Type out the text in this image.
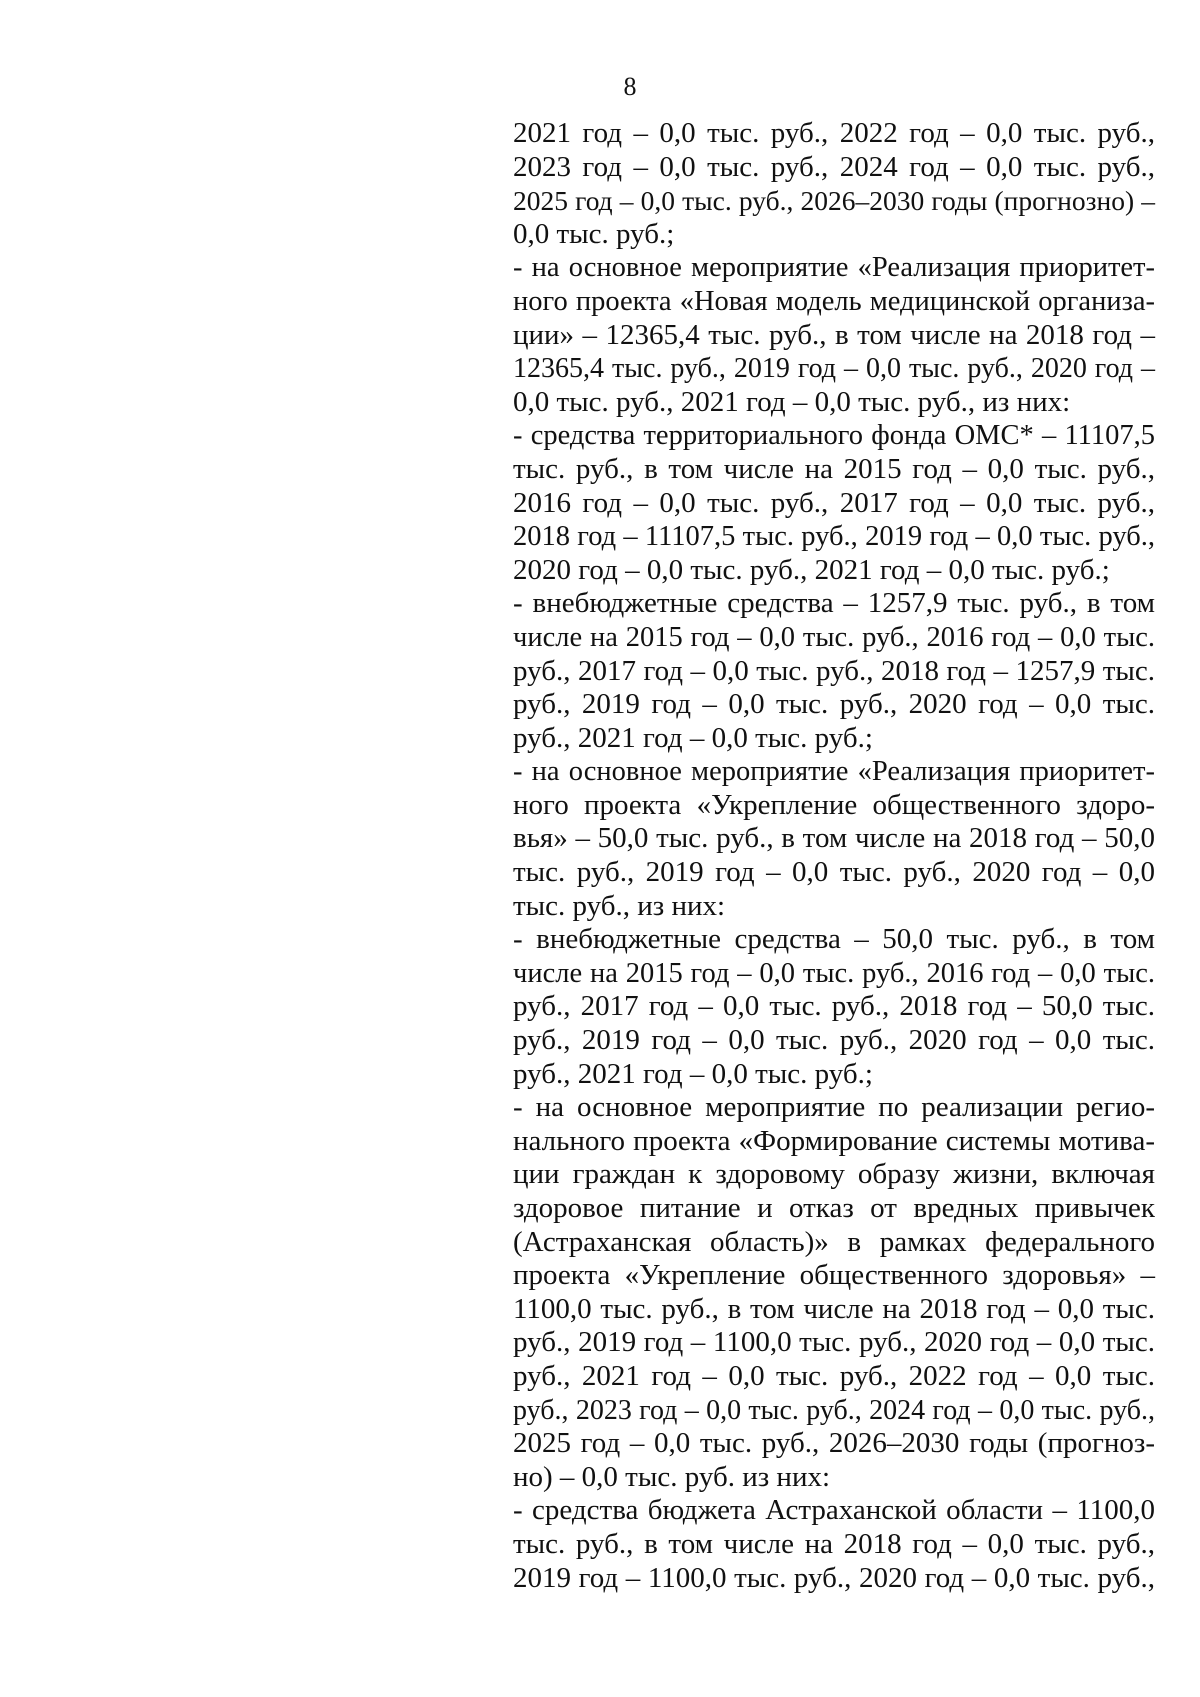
8
2021 год – 0,0 тыс. руб., 2022 год – 0,0 тыс. руб.,
2023 год – 0,0 тыс. руб., 2024 год – 0,0 тыс. руб.,
2025 год – 0,0 тыс. руб., 2026–2030 годы (прогнозно) –
0,0 тыс. руб.;
- на основное мероприятие «Реализация приоритет-
ного проекта «Новая модель медицинской организа-
ции» – 12365,4 тыс. руб., в том числе на 2018 год –
12365,4 тыс. руб., 2019 год – 0,0 тыс. руб., 2020 год –
0,0 тыс. руб., 2021 год – 0,0 тыс. руб., из них:
- средства территориального фонда ОМС* – 11107,5
тыс. руб., в том числе на 2015 год – 0,0 тыс. руб.,
2016 год – 0,0 тыс. руб., 2017 год – 0,0 тыс. руб.,
2018 год – 11107,5 тыс. руб., 2019 год – 0,0 тыс. руб.,
2020 год – 0,0 тыс. руб., 2021 год – 0,0 тыс. руб.;
- внебюджетные средства – 1257,9 тыс. руб., в том
числе на 2015 год – 0,0 тыс. руб., 2016 год – 0,0 тыс.
руб., 2017 год – 0,0 тыс. руб., 2018 год – 1257,9 тыс.
руб., 2019 год – 0,0 тыс. руб., 2020 год – 0,0 тыс.
руб., 2021 год – 0,0 тыс. руб.;
- на основное мероприятие «Реализация приоритет-
ного проекта «Укрепление общественного здоро-
вья» – 50,0 тыс. руб., в том числе на 2018 год – 50,0
тыс. руб., 2019 год – 0,0 тыс. руб., 2020 год – 0,0
тыс. руб., из них:
- внебюджетные средства – 50,0 тыс. руб., в том
числе на 2015 год – 0,0 тыс. руб., 2016 год – 0,0 тыс.
руб., 2017 год – 0,0 тыс. руб., 2018 год – 50,0 тыс.
руб., 2019 год – 0,0 тыс. руб., 2020 год – 0,0 тыс.
руб., 2021 год – 0,0 тыс. руб.;
- на основное мероприятие по реализации регио-
нального проекта «Формирование системы мотива-
ции граждан к здоровому образу жизни, включая
здоровое питание и отказ от вредных привычек
(Астраханская область)» в рамках федерального
проекта «Укрепление общественного здоровья» –
1100,0 тыс. руб., в том числе на 2018 год – 0,0 тыс.
руб., 2019 год – 1100,0 тыс. руб., 2020 год – 0,0 тыс.
руб., 2021 год – 0,0 тыс. руб., 2022 год – 0,0 тыс.
руб., 2023 год – 0,0 тыс. руб., 2024 год – 0,0 тыс. руб.,
2025 год – 0,0 тыс. руб., 2026–2030 годы (прогноз-
но) – 0,0 тыс. руб. из них:
- средства бюджета Астраханской области – 1100,0
тыс. руб., в том числе на 2018 год – 0,0 тыс. руб.,
2019 год – 1100,0 тыс. руб., 2020 год – 0,0 тыс. руб.,
